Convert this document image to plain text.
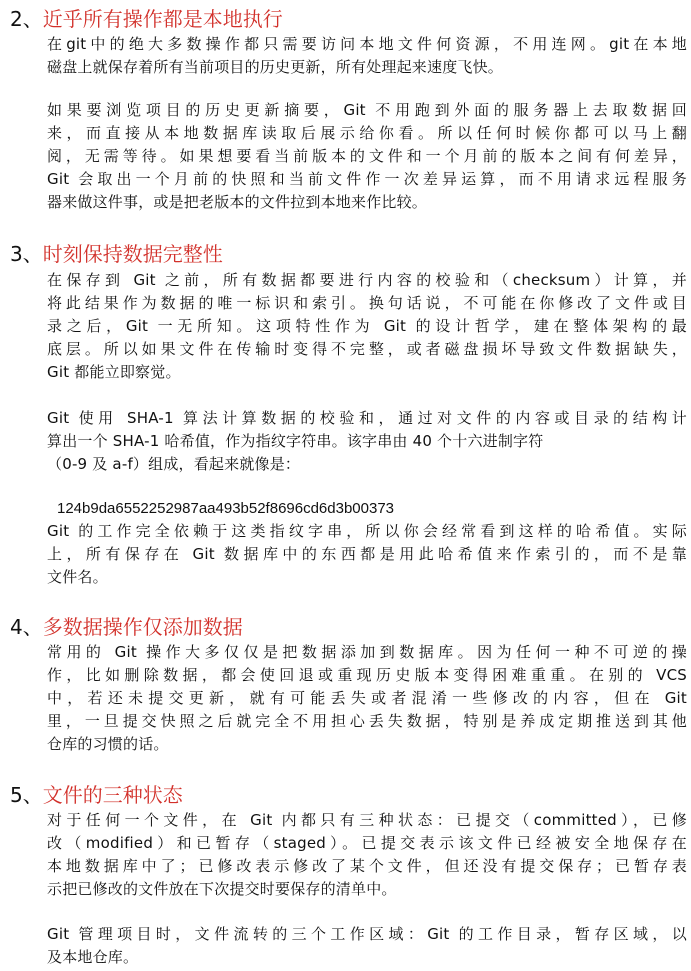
2、 近乎所有操作都是本地执行
在git中的绝大多数操作都只需要访问本地文件何资源，不用连网。git在本地
磁盘上就保存着所有当前项目的历史更新，所有处理起来速度飞快。
如果要浏览项目的历史更新摘要，Git 不用跑到外面的服务器上去取数据回
来，而直接从本地数据库读取后展示给你看。所以任何时候你都可以马上翻
阅，无需等待。如果想要看当前版本的文件和一个月前的版本之间有何差异，
Git 会取出一个月前的快照和当前文件作一次差异运算，而不用请求远程服务
器来做这件事，或是把老版本的文件拉到本地来作比较。
3、 时刻保持数据完整性
在保存到 Git 之前，所有数据都要进行内容的校验和（checksum）计算，并
将此结果作为数据的唯一标识和索引。换句话说，不可能在你修改了文件或目
录之后，Git 一无所知。这项特性作为 Git 的设计哲学，建在整体架构的最
底层。所以如果文件在传输时变得不完整，或者磁盘损坏导致文件数据缺失，
Git 都能立即察觉。
Git 使用 SHA-1 算法计算数据的校验和，通过对文件的内容或目录的结构计
算出一个 SHA-1 哈希值，作为指纹字符串。该字串由 40 个十六进制字符
（0-9 及 a-f）组成，看起来就像是：
124b9da6552252987aa493b52f8696cd6d3b00373
Git 的工作完全依赖于这类指纹字串，所以你会经常看到这样的哈希值。实际
上，所有保存在 Git 数据库中的东西都是用此哈希值来作索引的，而不是靠
文件名。
4、 多数据操作仅添加数据
常用的 Git 操作大多仅仅是把数据添加到数据库。因为任何一种不可逆的操
作，比如删除数据，都会使回退或重现历史版本变得困难重重。在别的 VCS
中，若还未提交更新，就有可能丢失或者混淆一些修改的内容，但在 Git
里，一旦提交快照之后就完全不用担心丢失数据，特别是养成定期推送到其他
仓库的习惯的话。
5、 文件的三种状态
对于任何一个文件，在 Git 内都只有三种状态：已提交（committed），已修
改（modified）和已暂存（staged）。已提交表示该文件已经被安全地保存在
本地数据库中了；已修改表示修改了某个文件，但还没有提交保存；已暂存表
示把已修改的文件放在下次提交时要保存的清单中。
Git 管理项目时，文件流转的三个工作区域：Git 的工作目录，暂存区域，以
及本地仓库。
